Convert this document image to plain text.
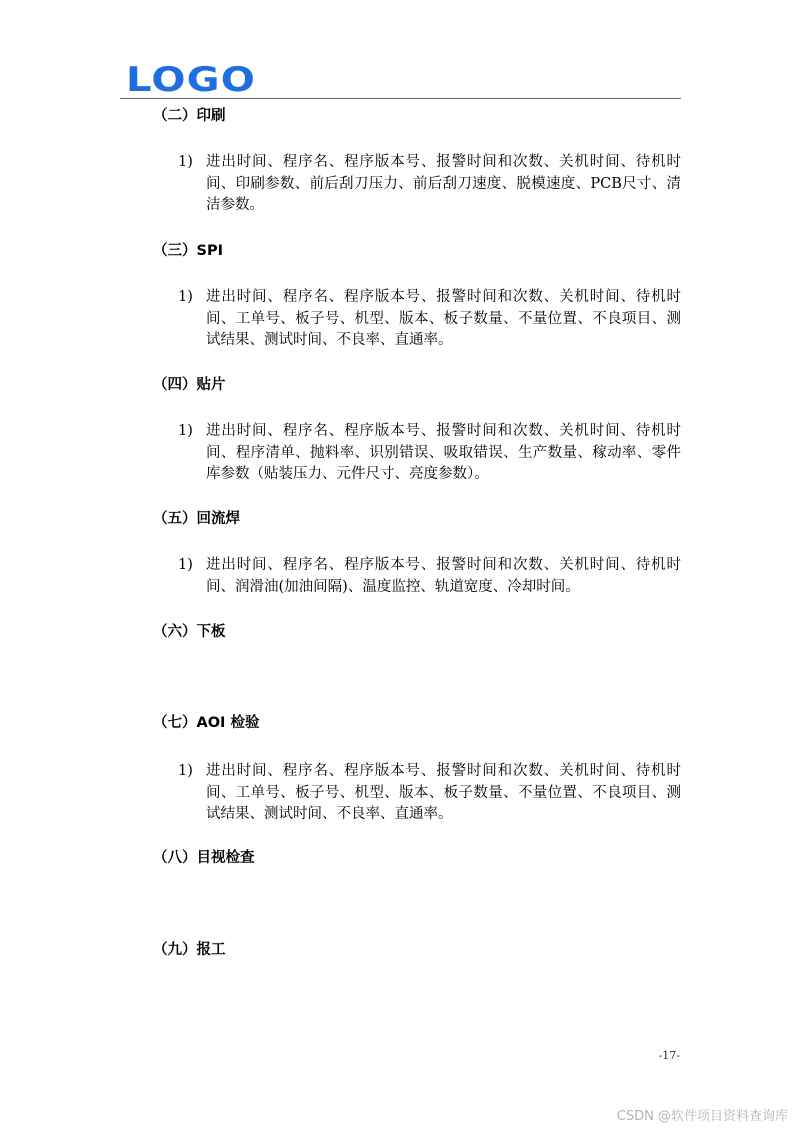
LOGO
（二）印刷
1) 进出时间、程序名、程序版本号、报警时间和次数、关机时间、待机时间、印刷参数、前后刮刀压力、前后刮刀速度、脱模速度、PCB尺寸、清洁参数。
（三）SPI
1) 进出时间、程序名、程序版本号、报警时间和次数、关机时间、待机时间、工单号、板子号、机型、版本、板子数量、不量位置、不良项目、测试结果、测试时间、不良率、直通率。
（四）贴片
1) 进出时间、程序名、程序版本号、报警时间和次数、关机时间、待机时间、程序清单、抛料率、识别错误、吸取错误、生产数量、稼动率、零件库参数（贴装压力、元件尺寸、亮度参数）。
（五）回流焊
1) 进出时间、程序名、程序版本号、报警时间和次数、关机时间、待机时间、润滑油(加油间隔)、温度监控、轨道宽度、冷却时间。
（六）下板
（七）AOI 检验
1) 进出时间、程序名、程序版本号、报警时间和次数、关机时间、待机时间、工单号、板子号、机型、版本、板子数量、不量位置、不良项目、测试结果、测试时间、不良率、直通率。
（八）目视检查
（九）报工
-17-
CSDN @软件项目资料查询库
